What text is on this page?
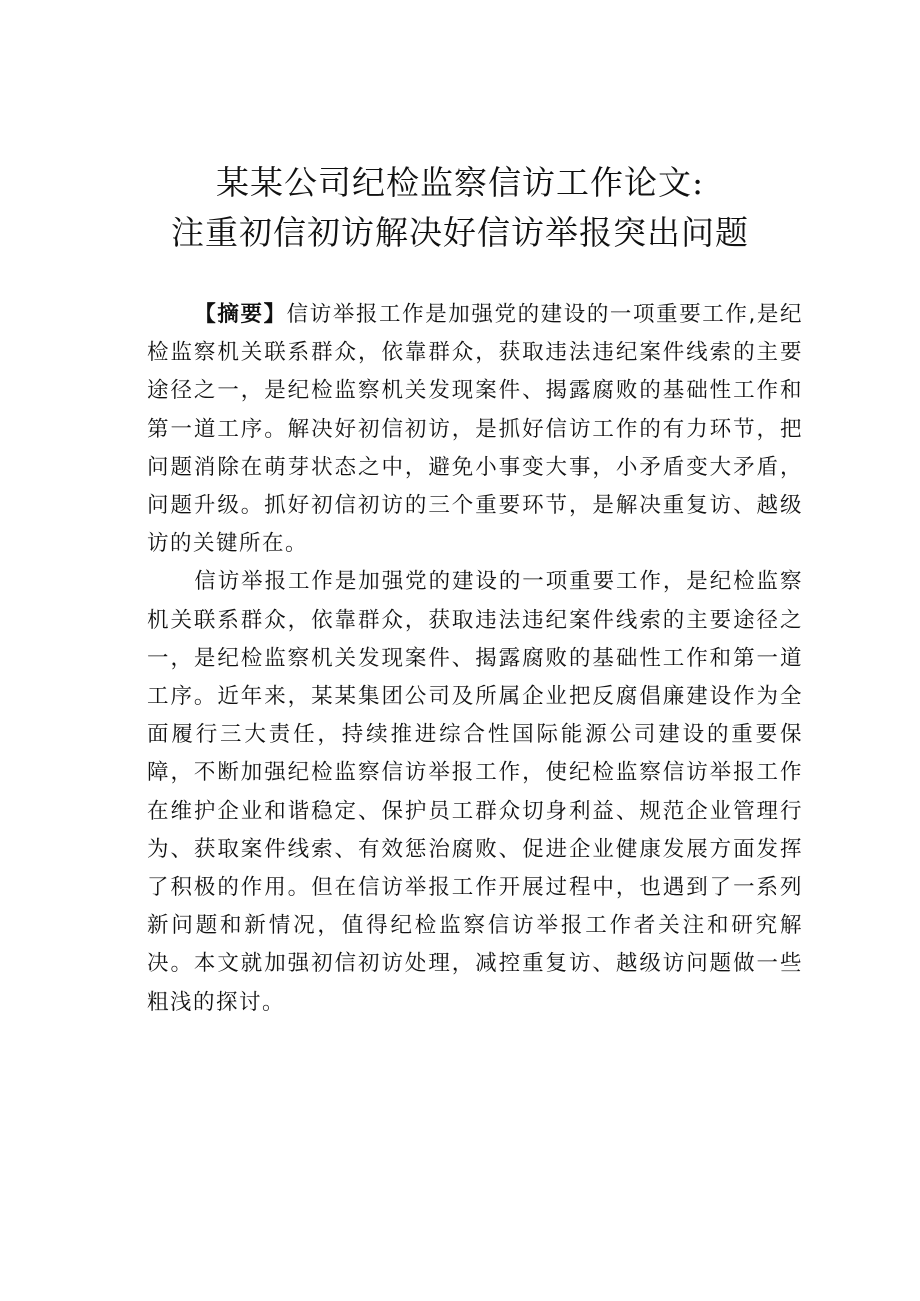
某某公司纪检监察信访工作论文:
注重初信初访解决好信访举报突出问题

【摘要】信访举报工作是加强党的建设的一项重要工作,是纪检监察机关联系群众，依靠群众，获取违法违纪案件线索的主要途径之一，是纪检监察机关发现案件、揭露腐败的基础性工作和第一道工序。解决好初信初访，是抓好信访工作的有力环节，把问题消除在萌芽状态之中，避免小事变大事，小矛盾变大矛盾，问题升级。抓好初信初访的三个重要环节，是解决重复访、越级访的关键所在。

信访举报工作是加强党的建设的一项重要工作，是纪检监察机关联系群众，依靠群众，获取违法违纪案件线索的主要途径之一，是纪检监察机关发现案件、揭露腐败的基础性工作和第一道工序。近年来，某某集团公司及所属企业把反腐倡廉建设作为全面履行三大责任，持续推进综合性国际能源公司建设的重要保障，不断加强纪检监察信访举报工作，使纪检监察信访举报工作在维护企业和谐稳定、保护员工群众切身利益、规范企业管理行为、获取案件线索、有效惩治腐败、促进企业健康发展方面发挥了积极的作用。但在信访举报工作开展过程中，也遇到了一系列新问题和新情况，值得纪检监察信访举报工作者关注和研究解决。本文就加强初信初访处理，减控重复访、越级访问题做一些粗浅的探讨。
